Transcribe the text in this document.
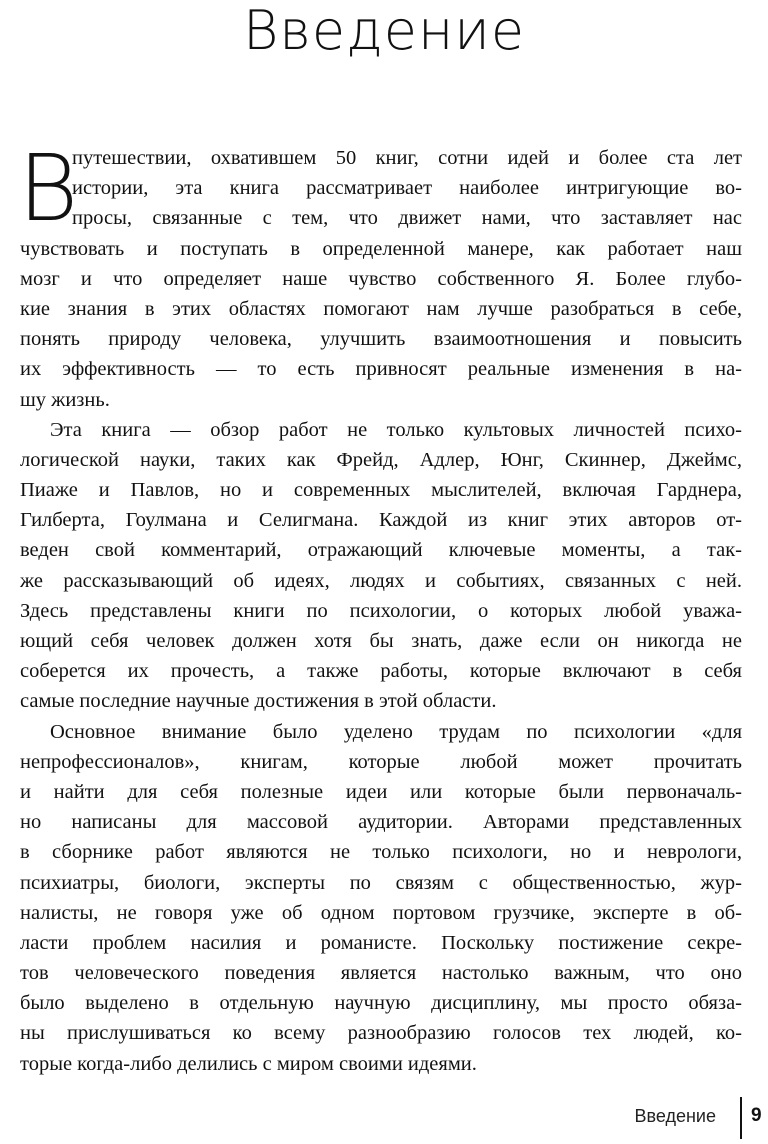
Введение
В
путешествии, охватившем 50 книг, сотни идей и более ста лет
истории, эта книга рассматривает наиболее интригующие во-
просы, связанные с тем, что движет нами, что заставляет нас
чувствовать и поступать в определенной манере, как работает наш
мозг и что определяет наше чувство собственного Я. Более глубо-
кие знания в этих областях помогают нам лучше разобраться в себе,
понять природу человека, улучшить взаимоотношения и повысить
их эффективность — то есть привносят реальные изменения в на-
шу жизнь.
Эта книга — обзор работ не только культовых личностей психо-
логической науки, таких как Фрейд, Адлер, Юнг, Скиннер, Джеймс,
Пиаже и Павлов, но и современных мыслителей, включая Гарднера,
Гилберта, Гоулмана и Селигмана. Каждой из книг этих авторов от-
веден свой комментарий, отражающий ключевые моменты, а так-
же рассказывающий об идеях, людях и событиях, связанных с ней.
Здесь представлены книги по психологии, о которых любой уважа-
ющий себя человек должен хотя бы знать, даже если он никогда не
соберется их прочесть, а также работы, которые включают в себя
самые последние научные достижения в этой области.
Основное внимание было уделено трудам по психологии «для
непрофессионалов», книгам, которые любой может прочитать
и найти для себя полезные идеи или которые были первоначаль-
но написаны для массовой аудитории. Авторами представленных
в сборнике работ являются не только психологи, но и неврологи,
психиатры, биологи, эксперты по связям с общественностью, жур-
налисты, не говоря уже об одном портовом грузчике, эксперте в об-
ласти проблем насилия и романисте. Поскольку постижение секре-
тов человеческого поведения является настолько важным, что оно
было выделено в отдельную научную дисциплину, мы просто обяза-
ны прислушиваться ко всему разнообразию голосов тех людей, ко-
торые когда-либо делились с миром своими идеями.
Введение 9
